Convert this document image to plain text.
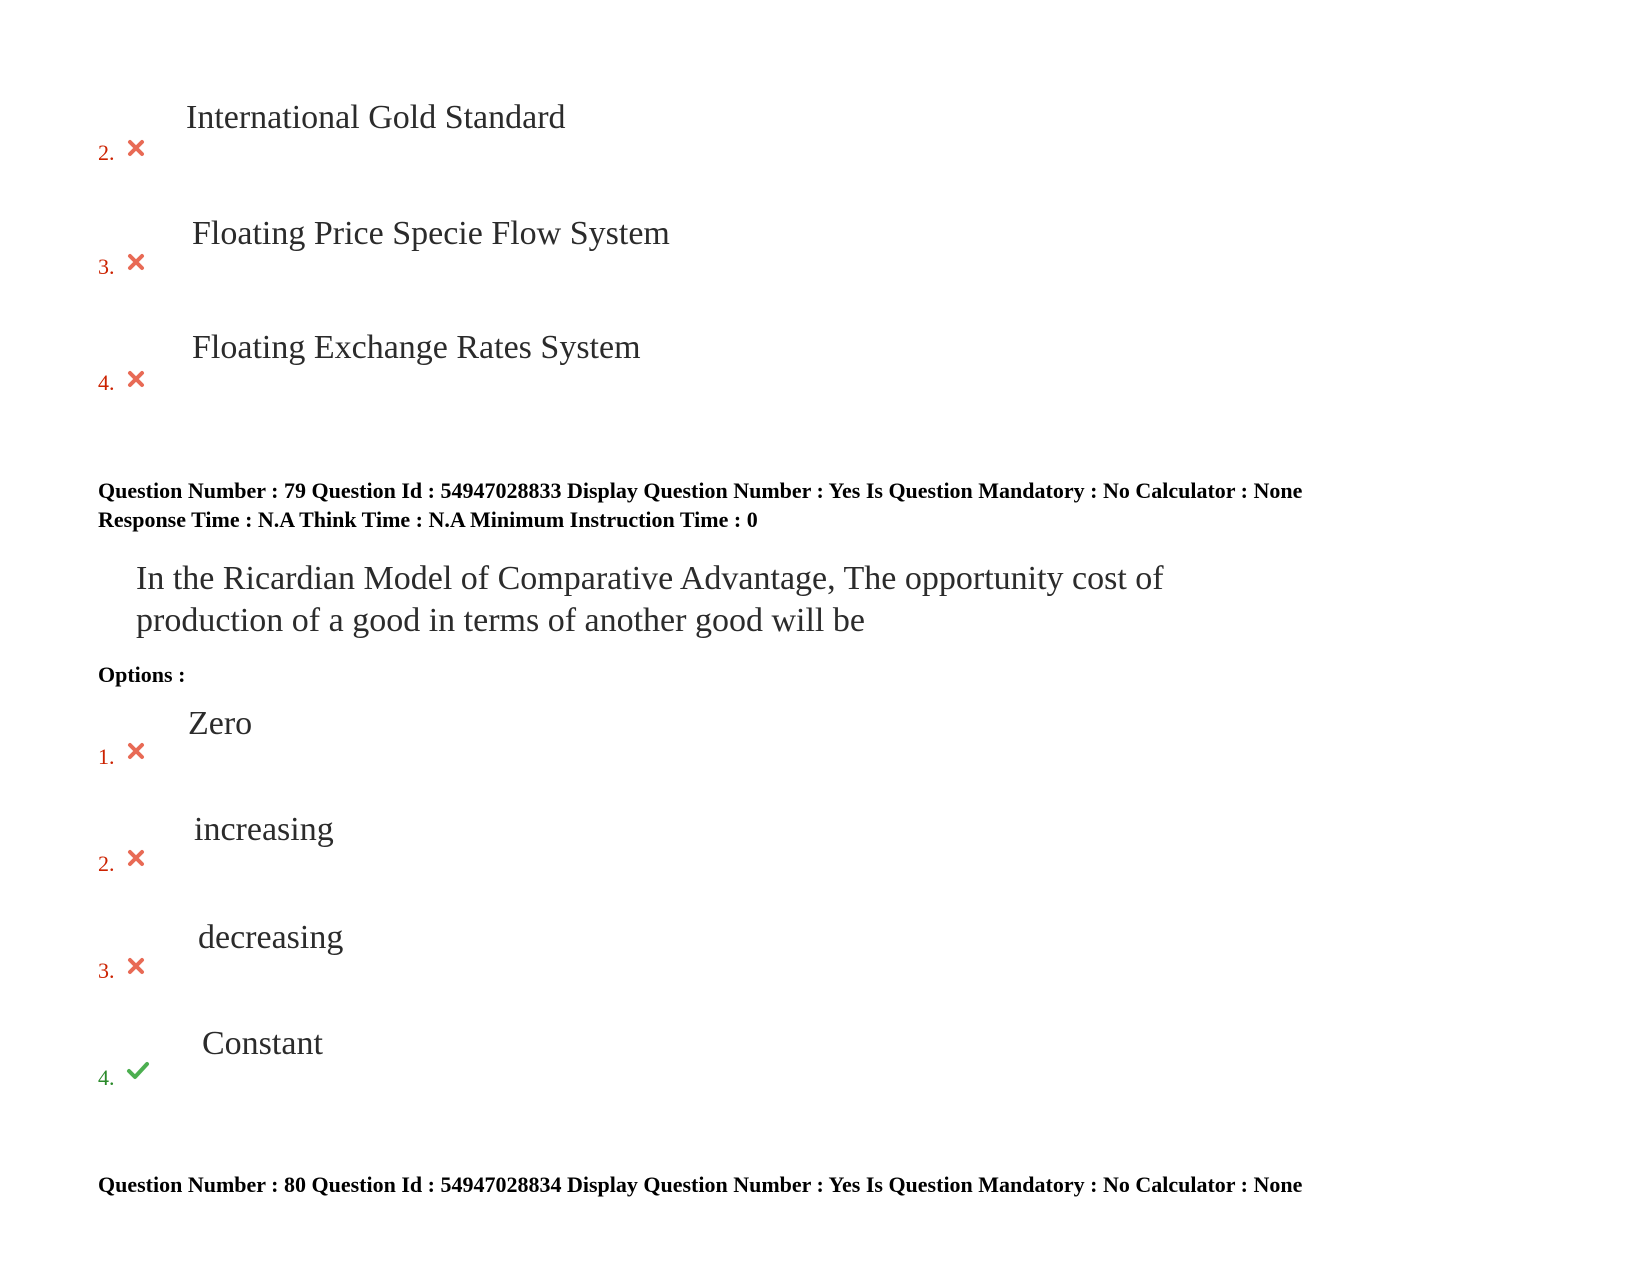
International Gold Standard
2.
Floating Price Specie Flow System
3.
Floating Exchange Rates System
4.
Question Number : 79 Question Id : 54947028833 Display Question Number : Yes Is Question Mandatory : No Calculator : None
Response Time : N.A Think Time : N.A Minimum Instruction Time : 0
In the Ricardian Model of Comparative Advantage, The opportunity cost of production of a good in terms of another good will be
Options :
Zero
1.
increasing
2.
decreasing
3.
Constant
4.
Question Number : 80 Question Id : 54947028834 Display Question Number : Yes Is Question Mandatory : No Calculator : None
